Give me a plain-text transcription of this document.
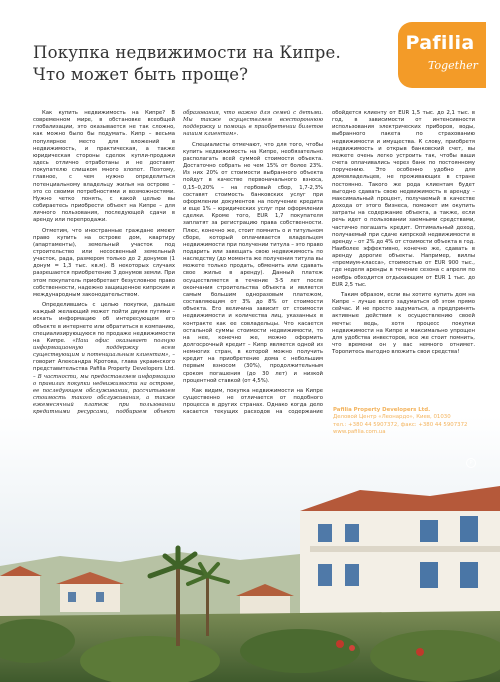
Покупка недвижимости на Кипре.
Что может быть проще?
Pafilia
Together

Как купить недвижимость на Кипре? В современном мире, в обстановке всеобщей глобализации, это оказывается не так сложно, как можно было бы подумать. Кипр – весьма популярное место для вложений в недвижимость, и практическая, а также юридическая стороны сделок купли-продажи здесь отлично отработаны и не доставят покупателю слишком много хлопот. Поэтому, главное, с чем нужно определиться потенциальному владельцу жилья на острове – это со своими потребностями и возможностями. Нужно четко понять, с какой целью вы собираетесь приобрести объект на Кипре – для личного пользования, последующей сдачи в аренду или перепродажи.

Отметим, что иностранные граждане имеют право купить на острове дом, квартиру (апартаменты), земельный участок под строительство или несосвенный земельный участок, рада, размером только до 2 донумов (1 донум = 1,3 тыс. кв.м). В некоторых случаях разрешается приобретение 3 донумов земли. При этом покупатель приобретает безусловное право собственности, надежно защищенное кипрским и международным законодательством.

Определившись с целью покупки, дальше каждый желающий может пойти двумя путями – искать информацию об интересующем его объекте в интернете или обратиться в компанию, специализирующуюся по продаже недвижимости на Кипре. «Наш офис оказывает полную информационную поддержку всем существующим и потенциальным клиентам», – говорит Александра Кротова, глава украинского представительства Pafilia Property Developers Ltd. – В частности, мы предоставляем информацию о правилах покупки недвижимости на острове, ее последующем обслуживании, рассчитываем стоимость такого обслуживания, а также ежемесячный платеж при пользовании кредитными ресурсами, подбираем объект

образования, что важно для семей с детьми. Мы также осуществляем всестороннюю поддержку и помощь в приобретении билетов нашим клиентам».

Специалисты отмечают, что для того, чтобы купить недвижимость на Кипре, необязательно располагать всей суммой стоимости объекта. Достаточно собрать не чем 15% от более 23%. Из них 20% от стоимости выбранного объекта пойдут в качестве первоначального взноса, 0,15–0,20% – на гербовый сбор, 1,7-2,3% составят стоимость банковских услуг при оформлении документов на получение кредита и еще 1% – юридических услуг при оформлении сделки. Кроме того, EUR 1,7 покупателя заплатят за регистрацию права собственности. Плюс, конечно же, стоит помнить о и титульном сборе, который оплачивается владельцем недвижимости при получении титула – это право подарить или завещать свою недвижимость по наследству (до момента же получения титула вы можете только продать, обменить или сдавать свое жилье в аренду). Данный платеж осуществляется в течение 3-5 лет после окончания строительства объекта и является самым большим одноразовым платежом, составляющим от 3% до 8% от стоимости объекта. Его величина зависит от стоимости недвижимости и количества лиц, указанных в контракте как ее совладельцы. Что касается остальной суммы стоимости недвижимости, то на нее, конечно же, можно оформить долгосрочный кредит – Кипр является одной из немногих стран, в которой можно получить кредит на приобретение дома с небольшим первым взносом (30%), продолжительным сроком погашения (до 30 лет) и низкой процентной ставкой (от 4,5%).

Как видим, покупка недвижимости на Кипре существенно не отличается от подобного процесса в других странах. Однако когда дело касается текущих расходов на содержание

обойдется клиенту от EUR 1,5 тыс. до 2,1 тыс. в год, в зависимости от интенсивности использования электрических приборов, воды, выбранного пакета по страхованию недвижимости и имущества. К слову, приобретя недвижимость и открыв банковский счет, вы можете очень легко устроить так, чтобы ваши счета оплачивались через банк по постоянному поручению. Это особенно удобно для домовладельцев, не проживающих в стране постоянно. Такого же рода клиентам будет выгодно сдавать свою недвижимость в аренду – максимальный процент, получаемый в качестве дохода от этого бизнеса, поможет им окупить затраты на содержание объекта, а также, если речь идет о пользовании заемными средствами, частично погашать кредит. Оптимальный доход, получаемый при сдаче кипрской недвижимости в аренду – от 2% до 4% от стоимости объекта в год. Наиболее эффективно, конечно же, сдавать в аренду дорогие объекты. Например, виллы «премиум-класса», стоимостью от EUR 900 тыс., где неделя аренды в течение сезона с апреля по ноябрь обходится отдыхающим от EUR 1 тыс. до EUR 2,5 тыс.

Таким образом, если вы хотите купить дом на Кипре – лучше всего задуматься об этом прямо сейчас. И не просто задуматься, а предпринять активные действия к осуществлению своей мечты: ведь, хотя процесс покупки недвижимости на Кипре и максимально упрощен для удобства инвесторов, все же стоит помнить, что времени он у вас немного отнимет. Торопитесь выгодно вложить свои средства!

Pafilia Property Developers Ltd.
Деловой Центр «Леонардо», Киев, 01030
тел.: +380 44 5907372, факс: +380 44 5907372
www.pafilia.com.ua
P
